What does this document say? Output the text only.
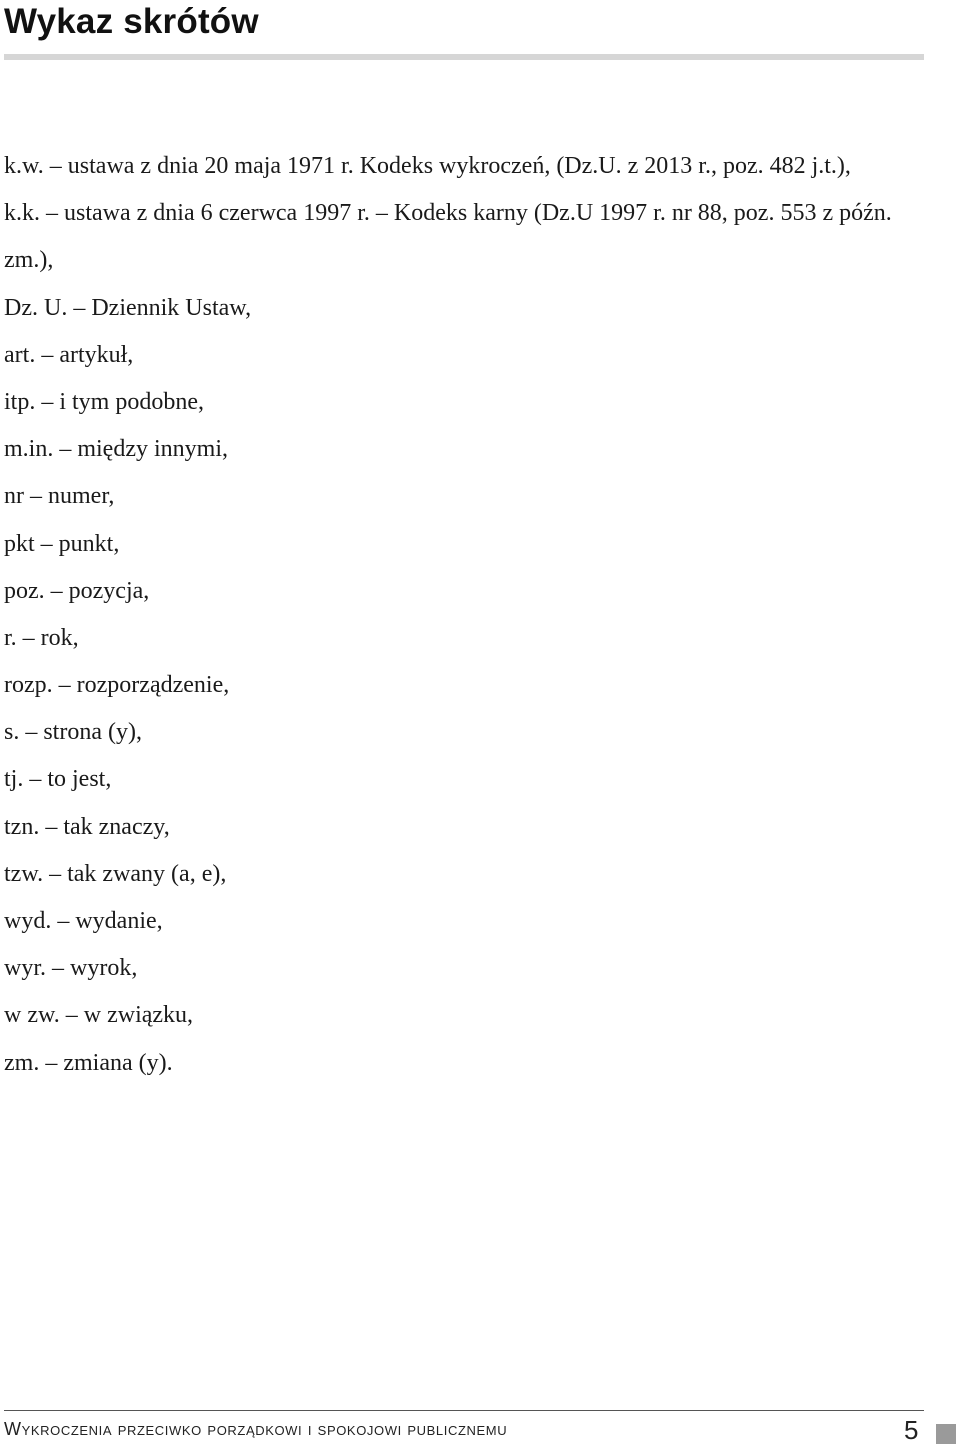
Wykaz skrótów
k.w. – ustawa z dnia 20 maja 1971 r. Kodeks wykroczeń, (Dz.U. z 2013 r., poz. 482 j.t.),
k.k. – ustawa z dnia 6 czerwca 1997 r. – Kodeks karny (Dz.U 1997 r. nr 88, poz. 553 z późn. zm.),
Dz. U. – Dziennik Ustaw,
art. – artykuł,
itp. – i tym podobne,
m.in. – między innymi,
nr – numer,
pkt – punkt,
poz. – pozycja,
r. – rok,
rozp. – rozporządzenie,
s. – strona (y),
tj. – to jest,
tzn. – tak znaczy,
tzw. – tak zwany (a, e),
wyd. – wydanie,
wyr. – wyrok,
w zw. – w związku,
zm. – zmiana (y).
Wykroczenia przeciwko porządkowi i spokojowi publicznemu	5
